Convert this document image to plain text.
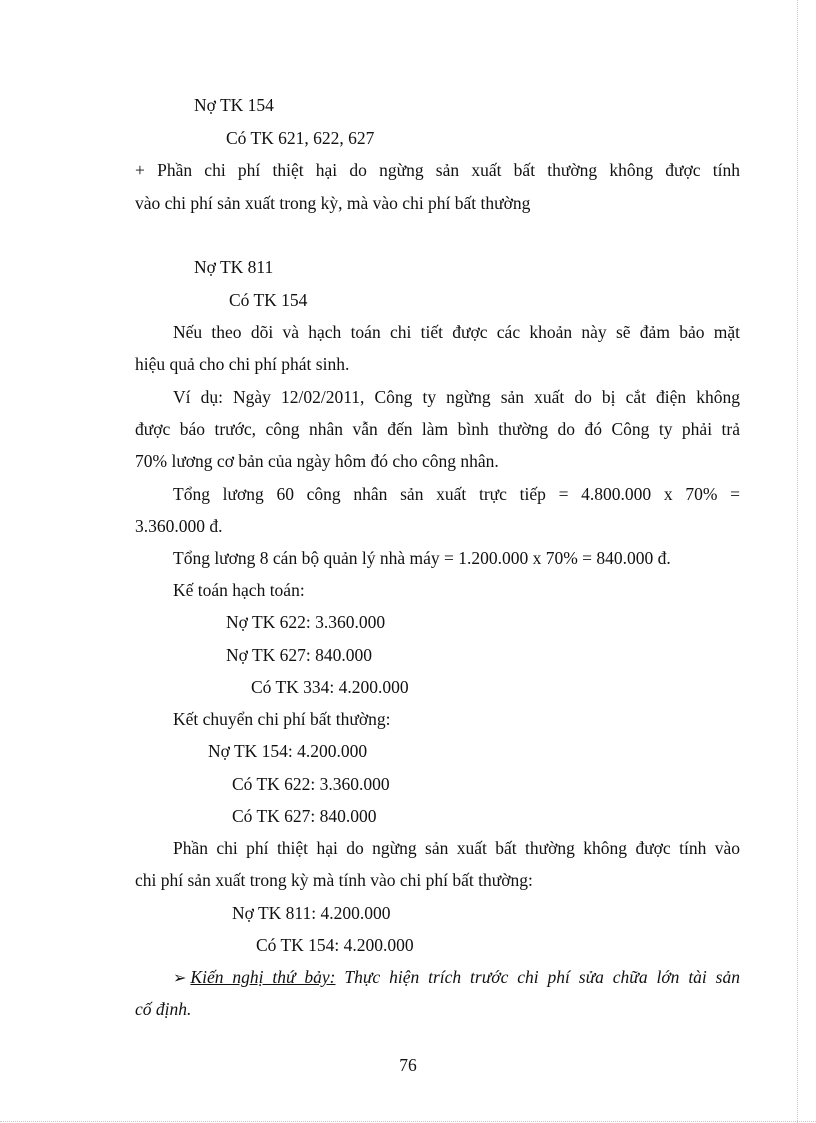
Nợ TK 154
Có TK 621, 622, 627
+ Phần chi phí thiệt hại do ngừng sản xuất bất thường không được tính
vào chi phí sản xuất trong kỳ, mà vào chi phí bất thường
Nợ TK 811
Có TK 154
Nếu theo dõi và hạch toán chi tiết được các khoản này sẽ đảm bảo mặt
hiệu quả cho chi phí phát sinh.
Ví dụ: Ngày 12/02/2011, Công ty ngừng sản xuất do bị cắt điện không
được báo trước, công nhân vẫn đến làm bình thường do đó Công ty phải trả
70% lương cơ bản của ngày hôm đó cho công nhân.
Tổng lương 60 công nhân sản xuất trực tiếp = 4.800.000 x 70% =
3.360.000 đ.
Tổng lương 8 cán bộ quản lý nhà máy = 1.200.000 x 70% = 840.000 đ.
Kế toán hạch toán:
Nợ TK 622: 3.360.000
Nợ TK 627: 840.000
Có TK 334: 4.200.000
Kết chuyển chi phí bất thường:
Nợ TK 154: 4.200.000
Có TK 622: 3.360.000
Có TK 627: 840.000
Phần chi phí thiệt hại do ngừng sản xuất bất thường không được tính vào
chi phí sản xuất trong kỳ mà tính vào chi phí bất thường:
Nợ TK 811: 4.200.000
Có TK 154: 4.200.000
➢ Kiến nghị thứ bảy: Thực hiện trích trước chi phí sửa chữa lớn tài sản
cố định.
76
